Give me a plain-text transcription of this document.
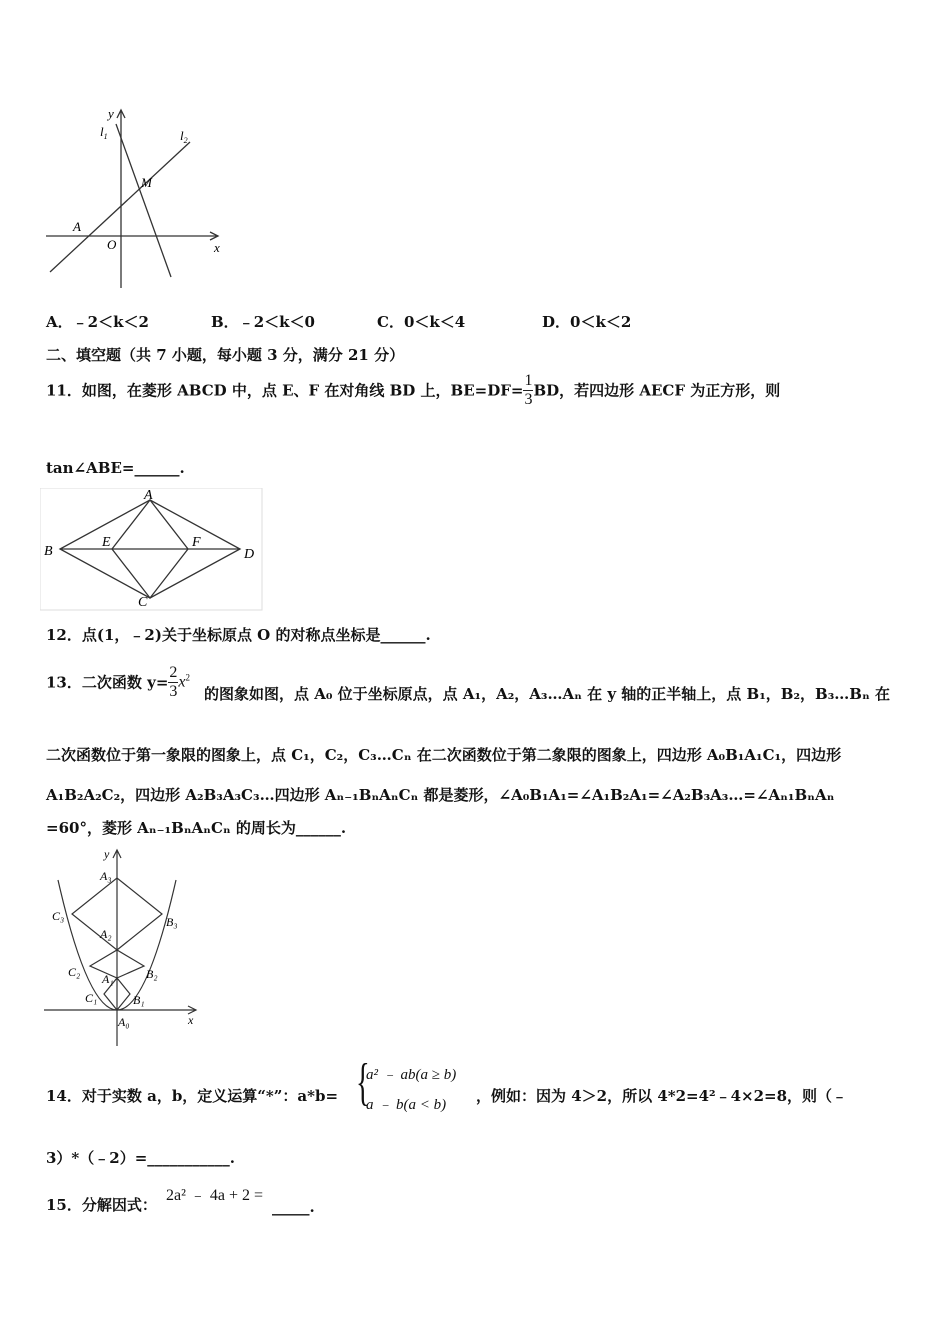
y
x
$l_1$	$l_2$
M
A
O
A．﹣2＜k＜2	B．﹣2＜k＜0	C．0＜k＜4	D．0＜k＜2
二、填空题（共 7 小题，每小题 3 分，满分 21 分）
11．如图，在菱形 ABCD 中，点 E、F 在对角线 BD 上，$BE=DF= \frac{1}{3}$ BD，若四边形 AECF 为正方形，则
tan∠ABE=______.
A
B
C
D
E	F
12．点(1，﹣2)关于坐标原点 O 的对称点坐标是______.
13．二次函数 $y= \frac{2}{3} x^2$
的图象如图，点 A₀ 位于坐标原点，点 A₁，A₂，A₃…Aₙ 在 y 轴的正半轴上，点 B₁，B₂，B₃…Bₙ 在
二次函数位于第一象限的图象上，点 C₁，C₂，C₃…Cₙ 在二次函数位于第二象限的图象上，四边形 A₀B₁A₁C₁，四边形
A₁B₂A₂C₂，四边形 A₂B₃A₃C₃…四边形 Aₙ₋₁BₙAₙCₙ 都是菱形，∠A₀B₁A₁=∠A₁B₂A₁=∠A₂B₃A₃…=∠Aₙ₁BₙAₙ
=60°，菱形 Aₙ₋₁BₙAₙCₙ 的周长为______.
y
x
A₃
A₂
A₁
A₀
B₃
B₂
B₁
C₃
C₂
C₁
14．对于实数 a，b，定义运算“*”：a*b= {
a² ﹣ ab(a ≥ b)
a ﹣ b(a < b) ，例如：因为 4＞2，所以 4*2=4²﹣4×2=8，则（﹣
3）*（﹣2）=___________.
15．分解因式：
2a² ﹣ 4a + 2 =
_____.
